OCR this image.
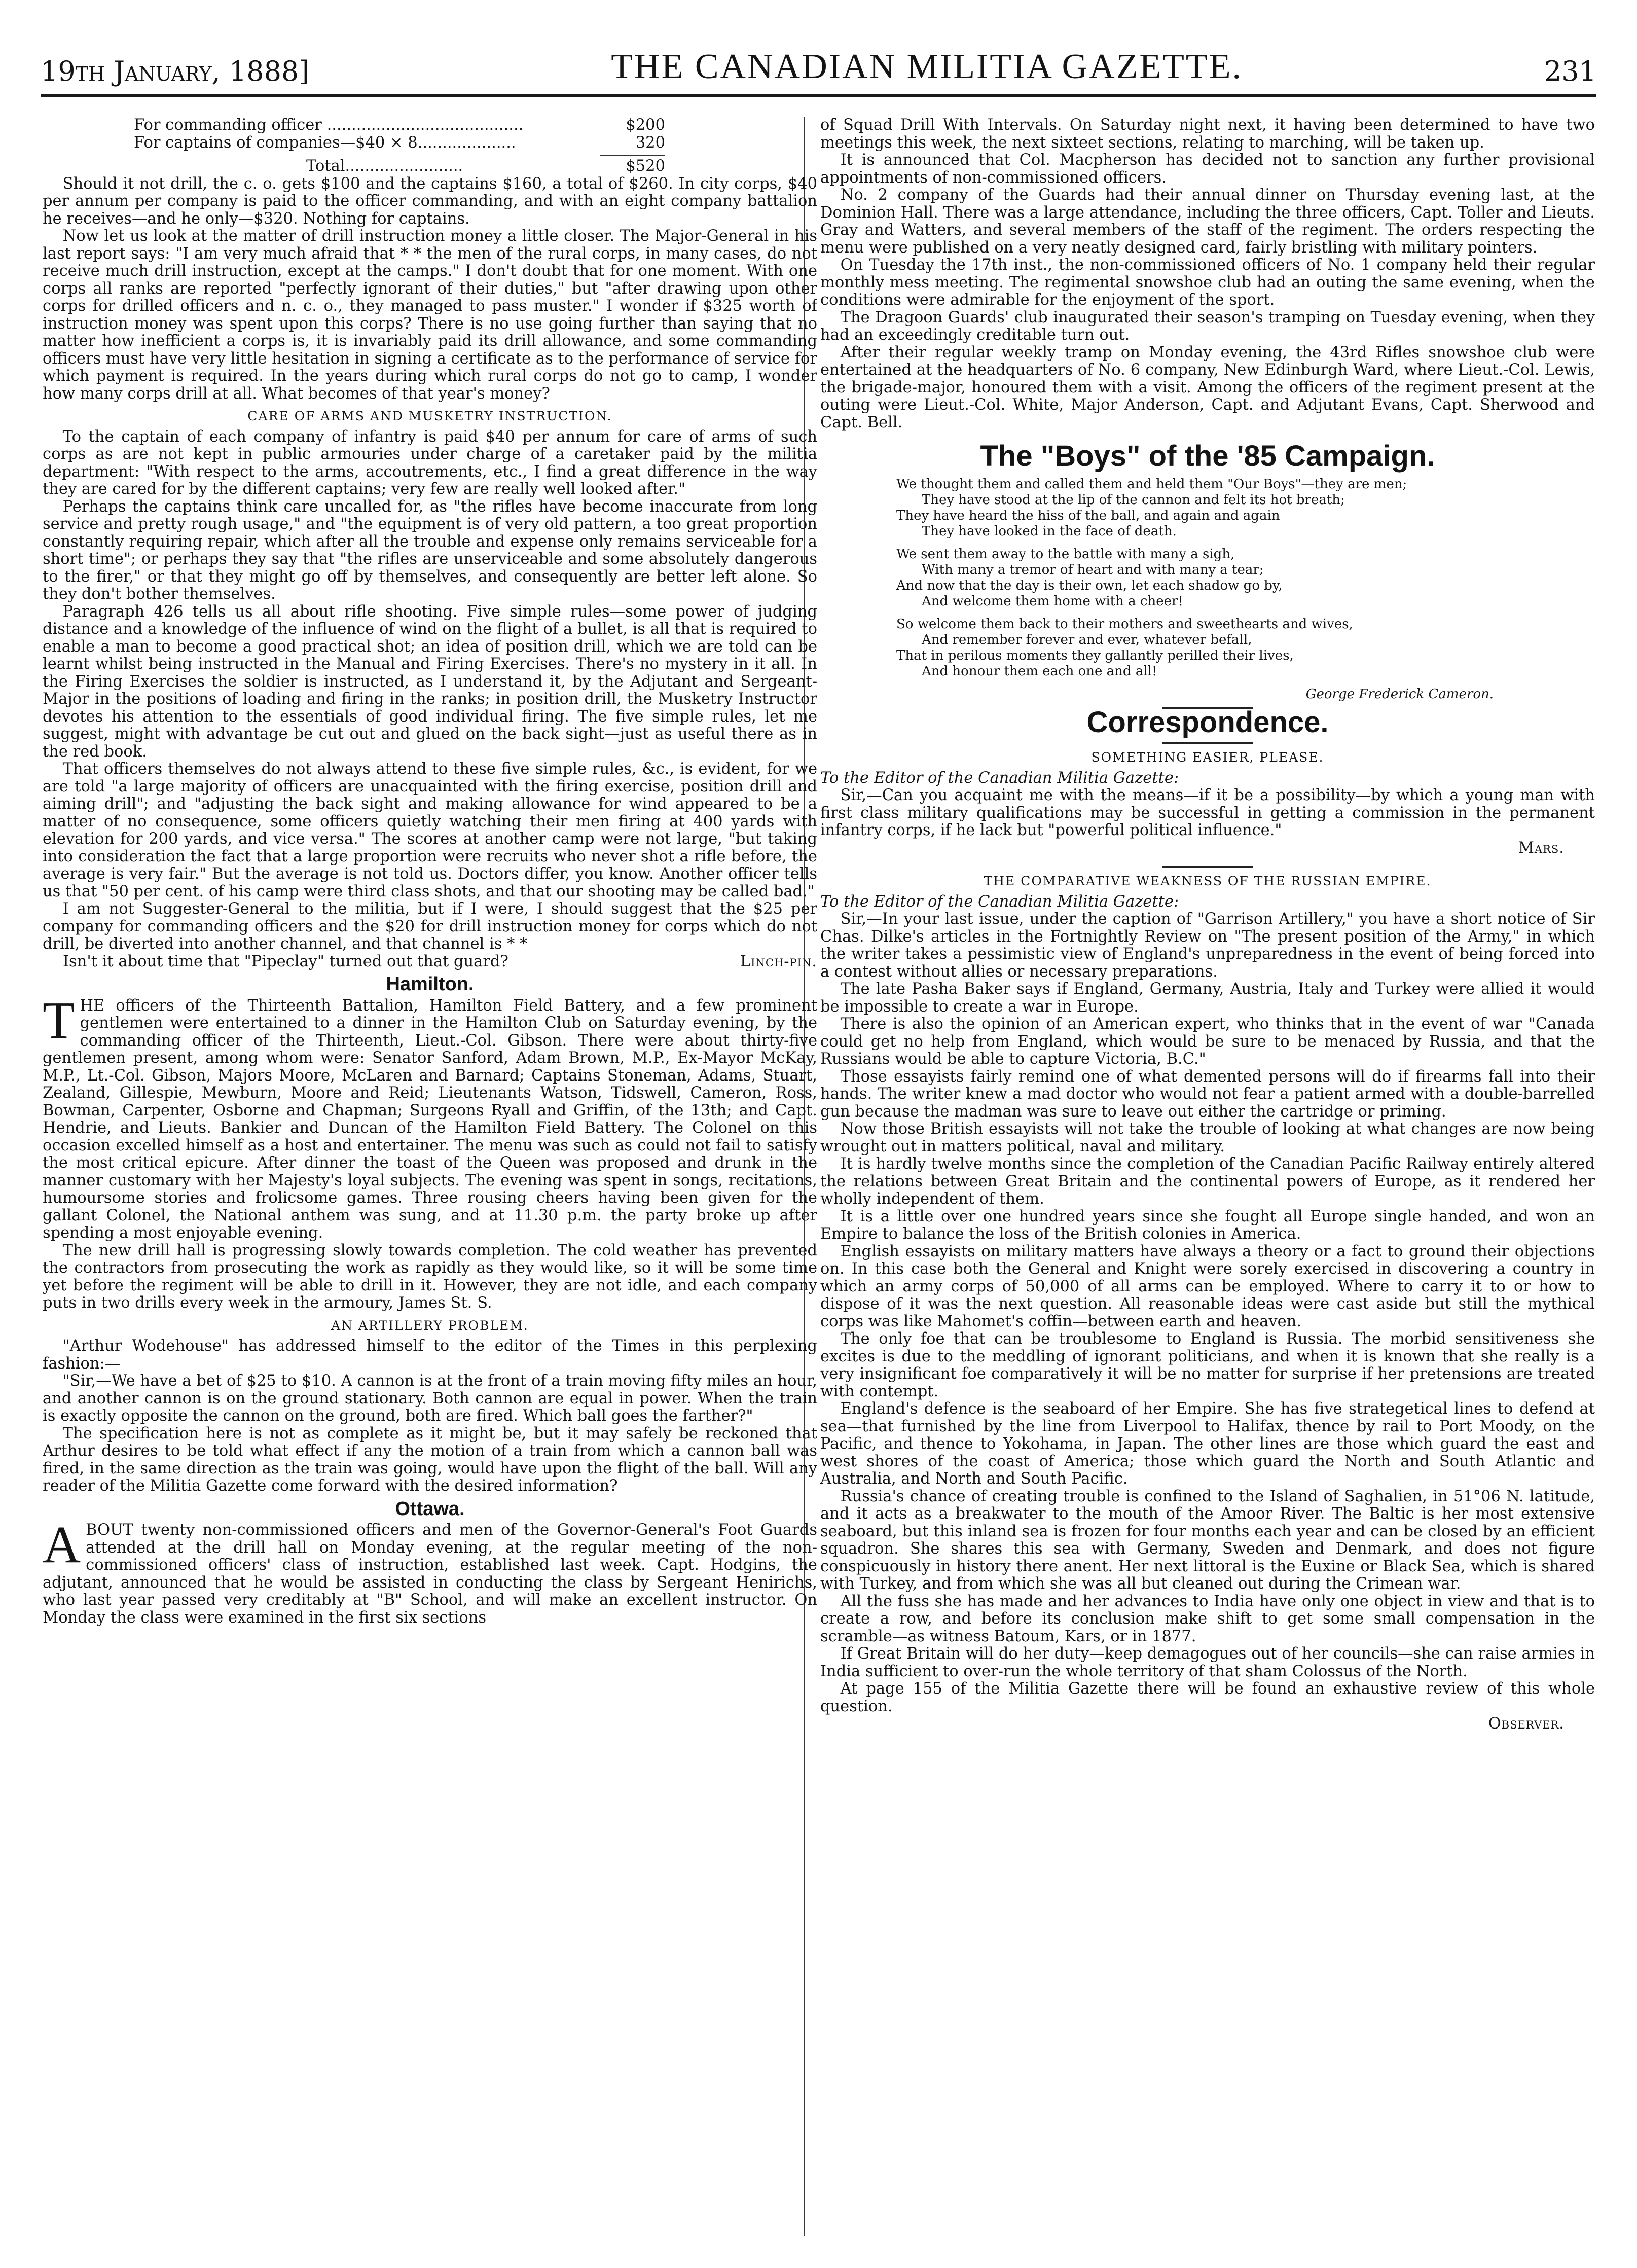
19th January, 1888]	THE CANADIAN MILITIA GAZETTE.	231
For commanding officer ........................................	$200
For captains of companies—$40 × 8....................	320
Total........................	$520

Should it not drill, the c. o. gets $100 and the captains $160, a total of $260. In city corps, $40 per annum per company is paid to the officer commanding, and with an eight company battalion he receives—and he only—$320. Nothing for captains.

Now let us look at the matter of drill instruction money a little closer. The Major-General in his last report says: "I am very much afraid that * * the men of the rural corps, in many cases, do not receive much drill instruction, except at the camps." I don't doubt that for one moment. With one corps all ranks are reported "perfectly ignorant of their duties," but "after drawing upon other corps for drilled officers and n. c. o., they managed to pass muster." I wonder if $325 worth of instruction money was spent upon this corps? There is no use going further than saying that no matter how inefficient a corps is, it is invariably paid its drill allowance, and some commanding officers must have very little hesitation in signing a certificate as to the performance of service for which payment is required. In the years during which rural corps do not go to camp, I wonder how many corps drill at all. What becomes of that year's money?

CARE OF ARMS AND MUSKETRY INSTRUCTION.

To the captain of each company of infantry is paid $40 per annum for care of arms of such corps as are not kept in public armouries under charge of a caretaker paid by the militia department: "With respect to the arms, accoutrements, etc., I find a great difference in the way they are cared for by the different captains; very few are really well looked after."

Perhaps the captains think care uncalled for, as "the rifles have become inaccurate from long service and pretty rough usage," and "the equipment is of very old pattern, a too great proportion constantly requiring repair, which after all the trouble and expense only remains serviceable for a short time"; or perhaps they say that "the rifles are unserviceable and some absolutely dangerous to the firer," or that they might go off by themselves, and consequently are better left alone. So they don't bother themselves.

Paragraph 426 tells us all about rifle shooting. Five simple rules—some power of judging distance and a knowledge of the influence of wind on the flight of a bullet, is all that is required to enable a man to become a good practical shot; an idea of position drill, which we are told can be learnt whilst being instructed in the Manual and Firing Exercises. There's no mystery in it all. In the Firing Exercises the soldier is instructed, as I understand it, by the Adjutant and Sergeant-Major in the positions of loading and firing in the ranks; in position drill, the Musketry Instructor devotes his attention to the essentials of good individual firing. The five simple rules, let me suggest, might with advantage be cut out and glued on the back sight—just as useful there as in the red book.

That officers themselves do not always attend to these five simple rules, &c., is evident, for we are told "a large majority of officers are unacquainted with the firing exercise, position drill and aiming drill"; and "adjusting the back sight and making allowance for wind appeared to be a matter of no consequence, some officers quietly watching their men firing at 400 yards with elevation for 200 yards, and vice versa." The scores at another camp were not large, "but taking into consideration the fact that a large proportion were recruits who never shot a rifle before, the average is very fair." But the average is not told us. Doctors differ, you know. Another officer tells us that "50 per cent. of his camp were third class shots, and that our shooting may be called bad."

I am not Suggester-General to the militia, but if I were, I should suggest that the $25 per company for commanding officers and the $20 for drill instruction money for corps which do not drill, be diverted into another channel, and that channel is * *

Isn't it about time that "Pipeclay" turned out that guard?	Linch-pin.
Hamilton.

THE officers of the Thirteenth Battalion, Hamilton Field Battery, and a few prominent gentlemen were entertained to a dinner in the Hamilton Club on Saturday evening, by the commanding officer of the Thirteenth, Lieut.-Col. Gibson. There were about thirty-five gentlemen present, among whom were: Senator Sanford, Adam Brown, M.P., Ex-Mayor McKay, M.P., Lt.-Col. Gibson, Majors Moore, McLaren and Barnard; Captains Stoneman, Adams, Stuart, Zealand, Gillespie, Mewburn, Moore and Reid; Lieutenants Watson, Tidswell, Cameron, Ross, Bowman, Carpenter, Osborne and Chapman; Surgeons Ryall and Griffin, of the 13th; and Capt. Hendrie, and Lieuts. Bankier and Duncan of the Hamilton Field Battery. The Colonel on this occasion excelled himself as a host and entertainer. The menu was such as could not fail to satisfy the most critical epicure. After dinner the toast of the Queen was proposed and drunk in the manner customary with her Majesty's loyal subjects. The evening was spent in songs, recitations, humoursome stories and frolicsome games. Three rousing cheers having been given for the gallant Colonel, the National anthem was sung, and at 11.30 p.m. the party broke up after spending a most enjoyable evening.

The new drill hall is progressing slowly towards completion. The cold weather has prevented the contractors from prosecuting the work as rapidly as they would like, so it will be some time yet before the regiment will be able to drill in it. However, they are not idle, and each company puts in two drills every week in the armoury, James St. S.

AN ARTILLERY PROBLEM.

"Arthur Wodehouse" has addressed himself to the editor of the Times in this perplexing fashion:—

"Sir,—We have a bet of $25 to $10. A cannon is at the front of a train moving fifty miles an hour, and another cannon is on the ground stationary. Both cannon are equal in power. When the train is exactly opposite the cannon on the ground, both are fired. Which ball goes the farther?"

The specification here is not as complete as it might be, but it may safely be reckoned that Arthur desires to be told what effect if any the motion of a train from which a cannon ball was fired, in the same direction as the train was going, would have upon the flight of the ball. Will any reader of the Militia Gazette come forward with the desired information?

Ottawa.

ABOUT twenty non-commissioned officers and men of the Governor-General's Foot Guards attended at the drill hall on Monday evening, at the regular meeting of the non-commissioned officers' class of instruction, established last week. Capt. Hodgins, the adjutant, announced that he would be assisted in conducting the class by Sergeant Henirichs, who last year passed very creditably at "B" School, and will make an excellent instructor. On Monday the class were examined in the first six sections

of Squad Drill With Intervals. On Saturday night next, it having been determined to have two meetings this week, the next sixteet sections, relating to marching, will be taken up.

It is announced that Col. Macpherson has decided not to sanction any further provisional appointments of non-commissioned officers.

No. 2 company of the Guards had their annual dinner on Thursday evening last, at the Dominion Hall. There was a large attendance, including the three officers, Capt. Toller and Lieuts. Gray and Watters, and several members of the staff of the regiment. The orders respecting the menu were published on a very neatly designed card, fairly bristling with military pointers.

On Tuesday the 17th inst., the non-commissioned officers of No. 1 company held their regular monthly mess meeting. The regimental snowshoe club had an outing the same evening, when the conditions were admirable for the enjoyment of the sport.

The Dragoon Guards' club inaugurated their season's tramping on Tuesday evening, when they had an exceedingly creditable turn out.

After their regular weekly tramp on Monday evening, the 43rd Rifles snowshoe club were entertained at the headquarters of No. 6 company, New Edinburgh Ward, where Lieut.-Col. Lewis, the brigade-major, honoured them with a visit. Among the officers of the regiment present at the outing were Lieut.-Col. White, Major Anderson, Capt. and Adjutant Evans, Capt. Sherwood and Capt. Bell.

The "Boys" of the '85 Campaign.
We thought them and called them and held them "Our Boys"—they are men;
They have stood at the lip of the cannon and felt its hot breath;
They have heard the hiss of the ball, and again and again
They have looked in the face of death.
We sent them away to the battle with many a sigh,
With many a tremor of heart and with many a tear;
And now that the day is their own, let each shadow go by,
And welcome them home with a cheer!
So welcome them back to their mothers and sweethearts and wives,
And remember forever and ever, whatever befall,
That in perilous moments they gallantly perilled their lives,
And honour them each one and all!
George Frederick Cameron.
Correspondence.
SOMETHING EASIER, PLEASE.

To the Editor of the Canadian Militia Gazette:

Sir,—Can you acquaint me with the means—if it be a possibility—by which a young man with first class military qualifications may be successful in getting a commission in the permanent infantry corps, if he lack but "powerful political influence."

Mars.
THE COMPARATIVE WEAKNESS OF THE RUSSIAN EMPIRE.

To the Editor of the Canadian Militia Gazette:

Sir,—In your last issue, under the caption of "Garrison Artillery," you have a short notice of Sir Chas. Dilke's articles in the Fortnightly Review on "The present position of the Army," in which the writer takes a pessimistic view of England's unpreparedness in the event of being forced into a contest without allies or necessary preparations.

The late Pasha Baker says if England, Germany, Austria, Italy and Turkey were allied it would be impossible to create a war in Europe.

There is also the opinion of an American expert, who thinks that in the event of war "Canada could get no help from England, which would be sure to be menaced by Russia, and that the Russians would be able to capture Victoria, B.C."

Those essayists fairly remind one of what demented persons will do if firearms fall into their hands. The writer knew a mad doctor who would not fear a patient armed with a double-barrelled gun because the madman was sure to leave out either the cartridge or priming.

Now those British essayists will not take the trouble of looking at what changes are now being wrought out in matters political, naval and military.

It is hardly twelve months since the completion of the Canadian Pacific Railway entirely altered the relations between Great Britain and the continental powers of Europe, as it rendered her wholly independent of them.

It is a little over one hundred years since she fought all Europe single handed, and won an Empire to balance the loss of the British colonies in America.

English essayists on military matters have always a theory or a fact to ground their objections on. In this case both the General and Knight were sorely exercised in discovering a country in which an army corps of 50,000 of all arms can be employed. Where to carry it to or how to dispose of it was the next question. All reasonable ideas were cast aside but still the mythical corps was like Mahomet's coffin—between earth and heaven.

The only foe that can be troublesome to England is Russia. The morbid sensitiveness she excites is due to the meddling of ignorant politicians, and when it is known that she really is a very insignificant foe comparatively it will be no matter for surprise if her pretensions are treated with contempt.

England's defence is the seaboard of her Empire. She has five strategetical lines to defend at sea—that furnished by the line from Liverpool to Halifax, thence by rail to Port Moody, on the Pacific, and thence to Yokohama, in Japan. The other lines are those which guard the east and west shores of the coast of America; those which guard the North and South Atlantic and Australia, and North and South Pacific.

Russia's chance of creating trouble is confined to the Island of Saghalien, in 51°06 N. latitude, and it acts as a breakwater to the mouth of the Amoor River. The Baltic is her most extensive seaboard, but this inland sea is frozen for four months each year and can be closed by an efficient squadron. She shares this sea with Germany, Sweden and Denmark, and does not figure conspicuously in history there anent. Her next littoral is the Euxine or Black Sea, which is shared with Turkey, and from which she was all but cleaned out during the Crimean war.

All the fuss she has made and her advances to India have only one object in view and that is to create a row, and before its conclusion make shift to get some small compensation in the scramble—as witness Batoum, Kars, or in 1877.

If Great Britain will do her duty—keep demagogues out of her councils—she can raise armies in India sufficient to over-run the whole territory of that sham Colossus of the North.

At page 155 of the Militia Gazette there will be found an exhaustive review of this whole question.

Observer.
